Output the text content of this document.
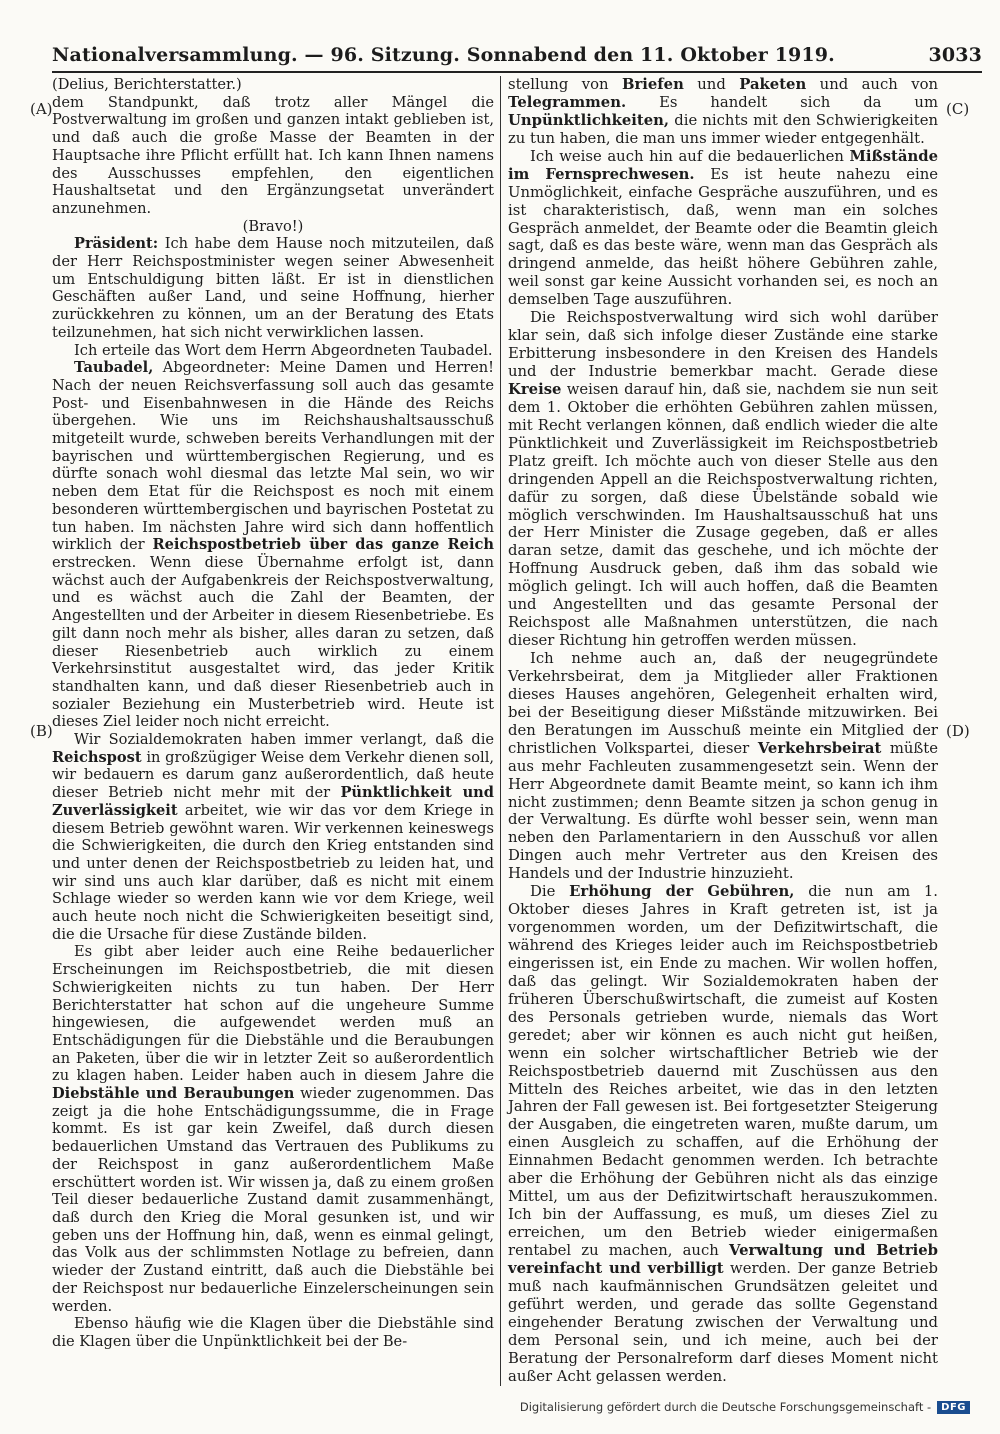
Nationalversammlung. — 96. Sitzung. Sonnabend den 11. Oktober 1919.	3033
(A)
(B)
(C)
(D)

(Delius, Berichterstatter.)

dem Standpunkt, daß trotz aller Mängel die Postverwaltung im großen und ganzen intakt geblieben ist, und daß auch die große Masse der Beamten in der Hauptsache ihre Pflicht erfüllt hat. Ich kann Ihnen namens des Ausschusses empfehlen, den eigentlichen Haushaltsetat und den Ergänzungsetat unverändert anzunehmen.

(Bravo!)

Präsident: Ich habe dem Hause noch mitzuteilen, daß der Herr Reichspostminister wegen seiner Abwesenheit um Entschuldigung bitten läßt. Er ist in dienstlichen Geschäften außer Land, und seine Hoffnung, hierher zurückkehren zu können, um an der Beratung des Etats teilzunehmen, hat sich nicht verwirklichen lassen.

Ich erteile das Wort dem Herrn Abgeordneten Taubadel.

Taubadel, Abgeordneter: Meine Damen und Herren! Nach der neuen Reichsverfassung soll auch das gesamte Post- und Eisenbahnwesen in die Hände des Reichs übergehen. Wie uns im Reichshaushaltsausschuß mitgeteilt wurde, schweben bereits Verhandlungen mit der bayrischen und württembergischen Regierung, und es dürfte sonach wohl diesmal das letzte Mal sein, wo wir neben dem Etat für die Reichspost es noch mit einem besonderen württembergischen und bayrischen Postetat zu tun haben. Im nächsten Jahre wird sich dann hoffentlich wirklich der Reichspostbetrieb über das ganze Reich erstrecken. Wenn diese Übernahme erfolgt ist, dann wächst auch der Aufgabenkreis der Reichspostverwaltung, und es wächst auch die Zahl der Beamten, der Angestellten und der Arbeiter in diesem Riesenbetriebe. Es gilt dann noch mehr als bisher, alles daran zu setzen, daß dieser Riesenbetrieb auch wirklich zu einem Verkehrsinstitut ausgestaltet wird, das jeder Kritik standhalten kann, und daß dieser Riesenbetrieb auch in sozialer Beziehung ein Musterbetrieb wird. Heute ist dieses Ziel leider noch nicht erreicht.

Wir Sozialdemokraten haben immer verlangt, daß die Reichspost in großzügiger Weise dem Verkehr dienen soll, wir bedauern es darum ganz außerordentlich, daß heute dieser Betrieb nicht mehr mit der Pünktlichkeit und Zuverlässigkeit arbeitet, wie wir das vor dem Kriege in diesem Betrieb gewöhnt waren. Wir verkennen keineswegs die Schwierigkeiten, die durch den Krieg entstanden sind und unter denen der Reichspostbetrieb zu leiden hat, und wir sind uns auch klar darüber, daß es nicht mit einem Schlage wieder so werden kann wie vor dem Kriege, weil auch heute noch nicht die Schwierigkeiten beseitigt sind, die die Ursache für diese Zustände bilden.

Es gibt aber leider auch eine Reihe bedauerlicher Erscheinungen im Reichspostbetrieb, die mit diesen Schwierigkeiten nichts zu tun haben. Der Herr Berichterstatter hat schon auf die ungeheure Summe hingewiesen, die aufgewendet werden muß an Entschädigungen für die Diebstähle und die Beraubungen an Paketen, über die wir in letzter Zeit so außerordentlich zu klagen haben. Leider haben auch in diesem Jahre die Diebstähle und Beraubungen wieder zugenommen. Das zeigt ja die hohe Entschädigungssumme, die in Frage kommt. Es ist gar kein Zweifel, daß durch diesen bedauerlichen Umstand das Vertrauen des Publikums zu der Reichspost in ganz außerordentlichem Maße erschüttert worden ist. Wir wissen ja, daß zu einem großen Teil dieser bedauerliche Zustand damit zusammenhängt, daß durch den Krieg die Moral gesunken ist, und wir geben uns der Hoffnung hin, daß, wenn es einmal gelingt, das Volk aus der schlimmsten Notlage zu befreien, dann wieder der Zustand eintritt, daß auch die Diebstähle bei der Reichspost nur bedauerliche Einzelerscheinungen sein werden.

Ebenso häufig wie die Klagen über die Diebstähle sind die Klagen über die Unpünktlichkeit bei der Be-

stellung von Briefen und Paketen und auch von Telegrammen. Es handelt sich da um Unpünktlichkeiten, die nichts mit den Schwierigkeiten zu tun haben, die man uns immer wieder entgegenhält.

Ich weise auch hin auf die bedauerlichen Mißstände im Fernsprechwesen. Es ist heute nahezu eine Unmöglichkeit, einfache Gespräche auszuführen, und es ist charakteristisch, daß, wenn man ein solches Gespräch anmeldet, der Beamte oder die Beamtin gleich sagt, daß es das beste wäre, wenn man das Gespräch als dringend anmelde, das heißt höhere Gebühren zahle, weil sonst gar keine Aussicht vorhanden sei, es noch an demselben Tage auszuführen.

Die Reichspostverwaltung wird sich wohl darüber klar sein, daß sich infolge dieser Zustände eine starke Erbitterung insbesondere in den Kreisen des Handels und der Industrie bemerkbar macht. Gerade diese Kreise weisen darauf hin, daß sie, nachdem sie nun seit dem 1. Oktober die erhöhten Gebühren zahlen müssen, mit Recht verlangen können, daß endlich wieder die alte Pünktlichkeit und Zuverlässigkeit im Reichspostbetrieb Platz greift. Ich möchte auch von dieser Stelle aus den dringenden Appell an die Reichspostverwaltung richten, dafür zu sorgen, daß diese Übelstände sobald wie möglich verschwinden. Im Haushaltsausschuß hat uns der Herr Minister die Zusage gegeben, daß er alles daran setze, damit das geschehe, und ich möchte der Hoffnung Ausdruck geben, daß ihm das sobald wie möglich gelingt. Ich will auch hoffen, daß die Beamten und Angestellten und das gesamte Personal der Reichspost alle Maßnahmen unterstützen, die nach dieser Richtung hin getroffen werden müssen.

Ich nehme auch an, daß der neugegründete Verkehrsbeirat, dem ja Mitglieder aller Fraktionen dieses Hauses angehören, Gelegenheit erhalten wird, bei der Beseitigung dieser Mißstände mitzuwirken. Bei den Beratungen im Ausschuß meinte ein Mitglied der christlichen Volkspartei, dieser Verkehrsbeirat müßte aus mehr Fachleuten zusammengesetzt sein. Wenn der Herr Abgeordnete damit Beamte meint, so kann ich ihm nicht zustimmen; denn Beamte sitzen ja schon genug in der Verwaltung. Es dürfte wohl besser sein, wenn man neben den Parlamentariern in den Ausschuß vor allen Dingen auch mehr Vertreter aus den Kreisen des Handels und der Industrie hinzuzieht.

Die Erhöhung der Gebühren, die nun am 1. Oktober dieses Jahres in Kraft getreten ist, ist ja vorgenommen worden, um der Defizitwirtschaft, die während des Krieges leider auch im Reichspostbetrieb eingerissen ist, ein Ende zu machen. Wir wollen hoffen, daß das gelingt. Wir Sozialdemokraten haben der früheren Überschußwirtschaft, die zumeist auf Kosten des Personals getrieben wurde, niemals das Wort geredet; aber wir können es auch nicht gut heißen, wenn ein solcher wirtschaftlicher Betrieb wie der Reichspostbetrieb dauernd mit Zuschüssen aus den Mitteln des Reiches arbeitet, wie das in den letzten Jahren der Fall gewesen ist. Bei fortgesetzter Steigerung der Ausgaben, die eingetreten waren, mußte darum, um einen Ausgleich zu schaffen, auf die Erhöhung der Einnahmen Bedacht genommen werden. Ich betrachte aber die Erhöhung der Gebühren nicht als das einzige Mittel, um aus der Defizitwirtschaft herauszukommen. Ich bin der Auffassung, es muß, um dieses Ziel zu erreichen, um den Betrieb wieder einigermaßen rentabel zu machen, auch Verwaltung und Betrieb vereinfacht und verbilligt werden. Der ganze Betrieb muß nach kaufmännischen Grundsätzen geleitet und geführt werden, und gerade das sollte Gegenstand eingehender Beratung zwischen der Verwaltung und dem Personal sein, und ich meine, auch bei der Beratung der Personalreform darf dieses Moment nicht außer Acht gelassen werden.

Digitalisierung gefördert durch die Deutsche Forschungsgemeinschaft -	DFG
